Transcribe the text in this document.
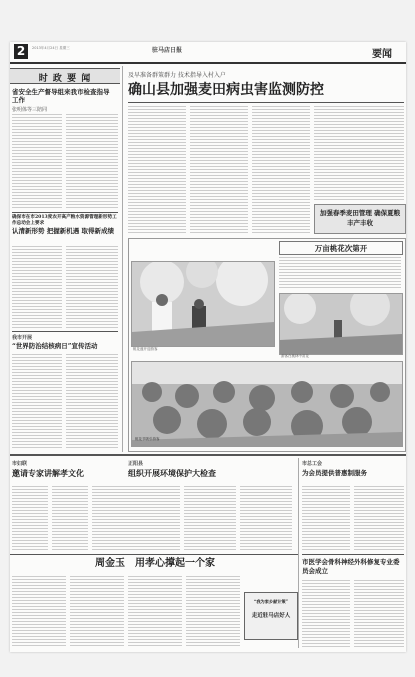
2	2013年4月24日 星期三	驻马店日报	要闻
时 政 要 闻
省安全生产督导组来我市检查指导工作
张明体等三陪同
确保市在市2013度农开高产粮水资源管理新形势工作总动会上要求
认清新形势 把握新机遇 取得新成绩
我市开展
“世界防治结核病日”宣传活动
及早准备群策群力 技术指导入村入户
确山县加强麦田病虫害监测防控
加强春季麦田管理 确保夏粮丰产丰收
万亩桃花次第开
桃花盛开迎游客
游客在桃林中赏花
桃花节吸引游客
市妇联
邀请专家讲解孝文化
正阳县
组织开展环境保护大检查
市总工会
为会员提供普惠制服务
周金玉　用孝心撑起一个家
“我为家乡献计策”
走近驻马店好人
市医学会骨科神经外科修复专业委员会成立
